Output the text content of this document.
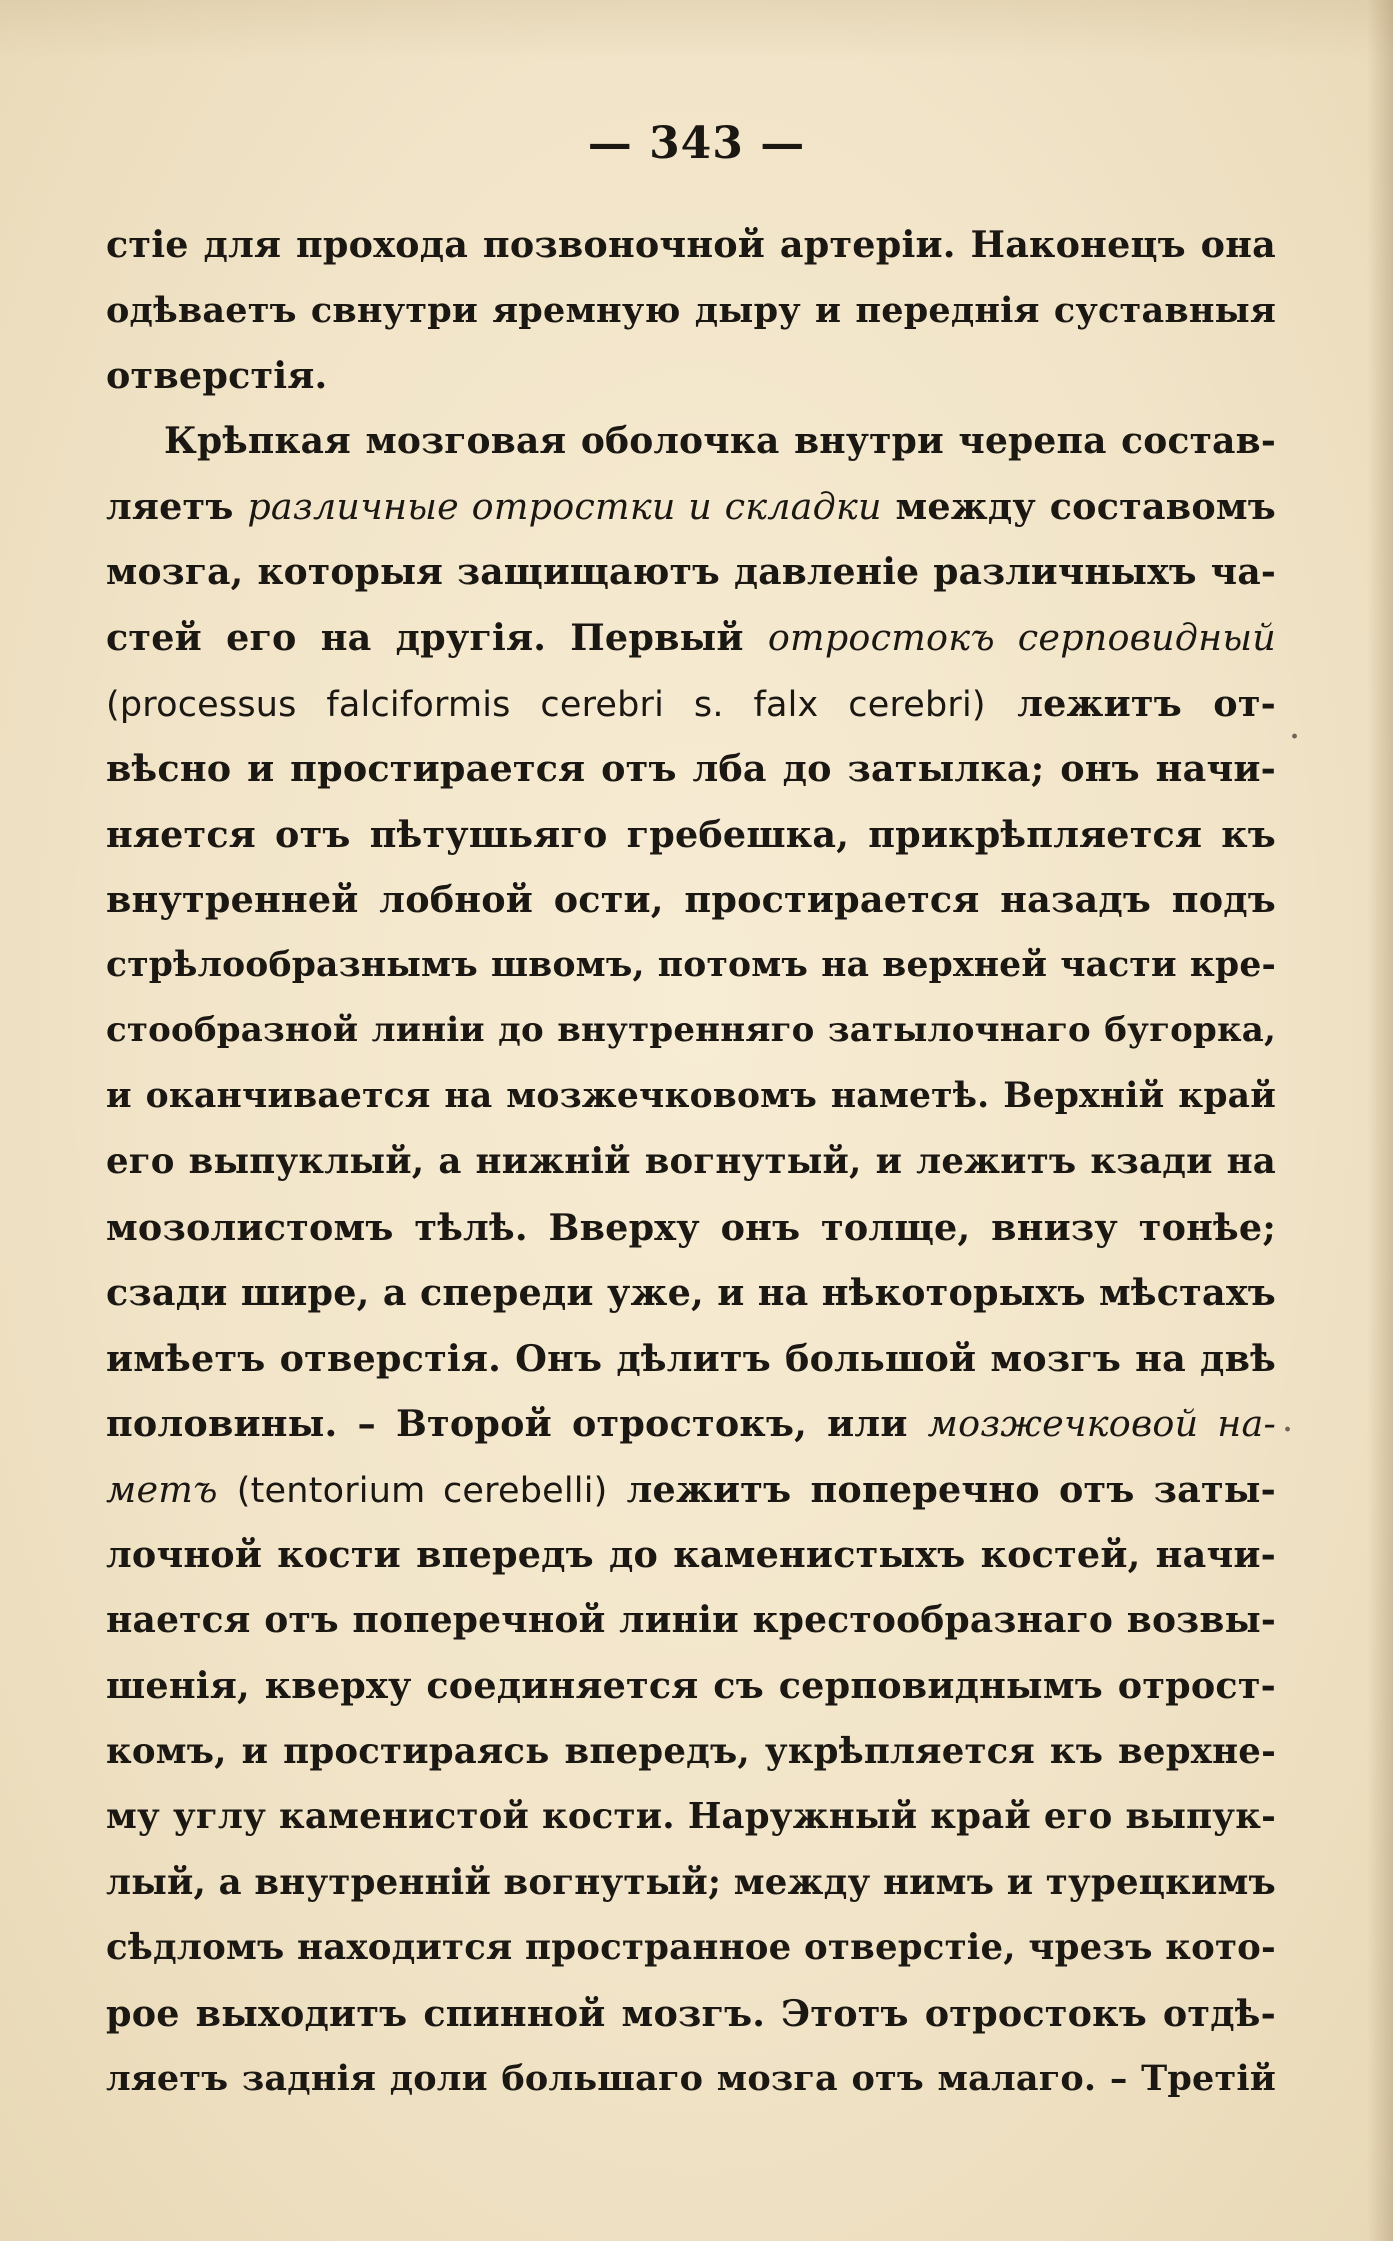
— 343 —
стіе для прохода позвоночной артеріи. Наконецъ она
одѣваетъ свнутри яремную дыру и переднія суставныя
отверстія.
Крѣпкая мозговая оболочка внутри черепа состав-
ляетъ различные отростки и складки между составомъ
мозга, которыя защищаютъ давленіе различныхъ ча-
стей его на другія. Первый отростокъ серповидный
(processus falciformis cerebri s. falx cerebri) лежитъ от-
вѣсно и простирается отъ лба до затылка; онъ начи-
няется отъ пѣтушьяго гребешка, прикрѣпляется къ
внутренней лобной ости, простирается назадъ подъ
стрѣлообразнымъ швомъ, потомъ на верхней части кре-
стообразной линіи до внутренняго затылочнаго бугорка,
и оканчивается на мозжечковомъ наметѣ. Верхній край
его выпуклый, а нижній вогнутый, и лежитъ кзади на
мозолистомъ тѣлѣ. Вверху онъ толще, внизу тонѣе;
сзади шире, а спереди уже, и на нѣкоторыхъ мѣстахъ
имѣетъ отверстія. Онъ дѣлитъ большой мозгъ на двѣ
половины. – Второй отростокъ, или мозжечковой на-
метъ (tentorium cerebelli) лежитъ поперечно отъ заты-
лочной кости впередъ до каменистыхъ костей, начи-
нается отъ поперечной линіи крестообразнаго возвы-
шенія, кверху соединяется съ серповиднымъ отрост-
комъ, и простираясь впередъ, укрѣпляется къ верхне-
му углу каменистой кости. Наружный край его выпук-
лый, а внутренній вогнутый; между нимъ и турецкимъ
сѣдломъ находится пространное отверстіе, чрезъ кото-
рое выходитъ спинной мозгъ. Этотъ отростокъ отдѣ-
ляетъ заднія доли большаго мозга отъ малаго. – Третій
·
·
